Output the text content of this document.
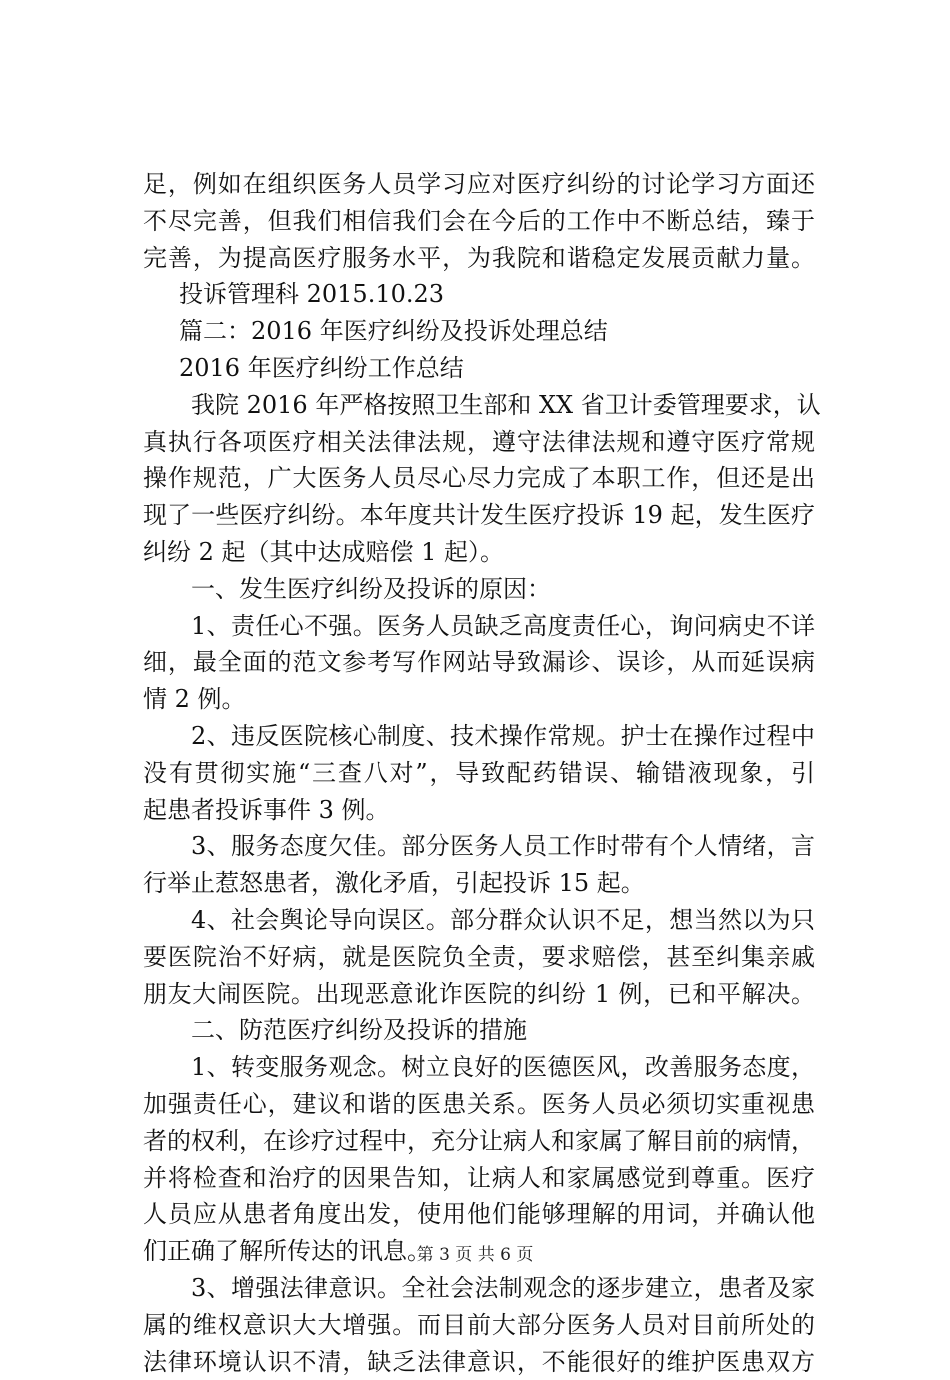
足，例如在组织医务人员学习应对医疗纠纷的讨论学习方面还
不尽完善，但我们相信我们会在今后的工作中不断总结，臻于
完善，为提高医疗服务水平，为我院和谐稳定发展贡献力量。
投诉管理科 2015.10.23
篇二：2016 年医疗纠纷及投诉处理总结
2016 年医疗纠纷工作总结
我院 2016 年严格按照卫生部和 XX 省卫计委管理要求，认
真执行各项医疗相关法律法规，遵守法律法规和遵守医疗常规
操作规范，广大医务人员尽心尽力完成了本职工作，但还是出
现了一些医疗纠纷。本年度共计发生医疗投诉 19 起，发生医疗
纠纷 2 起（其中达成赔偿 1 起）。
一、发生医疗纠纷及投诉的原因：
1、责任心不强。医务人员缺乏高度责任心，询问病史不详
细，最全面的范文参考写作网站导致漏诊、误诊，从而延误病
情 2 例。
2、违反医院核心制度、技术操作常规。护士在操作过程中
没有贯彻实施“三查八对”，导致配药错误、输错液现象，引
起患者投诉事件 3 例。
3、服务态度欠佳。部分医务人员工作时带有个人情绪，言
行举止惹怒患者，激化矛盾，引起投诉 15 起。
4、社会舆论导向误区。部分群众认识不足，想当然以为只
要医院治不好病，就是医院负全责，要求赔偿，甚至纠集亲戚
朋友大闹医院。出现恶意讹诈医院的纠纷 1 例，已和平解决。
二、防范医疗纠纷及投诉的措施
1、转变服务观念。树立良好的医德医风，改善服务态度，
加强责任心，建议和谐的医患关系。医务人员必须切实重视患
者的权利，在诊疗过程中，充分让病人和家属了解目前的病情，
并将检查和治疗的因果告知，让病人和家属感觉到尊重。医疗
人员应从患者角度出发，使用他们能够理解的用词，并确认他
们正确了解所传达的讯息。
3、增强法律意识。全社会法制观念的逐步建立，患者及家
属的维权意识大大增强。而目前大部分医务人员对目前所处的
法律环境认识不清，缺乏法律意识，不能很好的维护医患双方
第 3 页 共 6 页
